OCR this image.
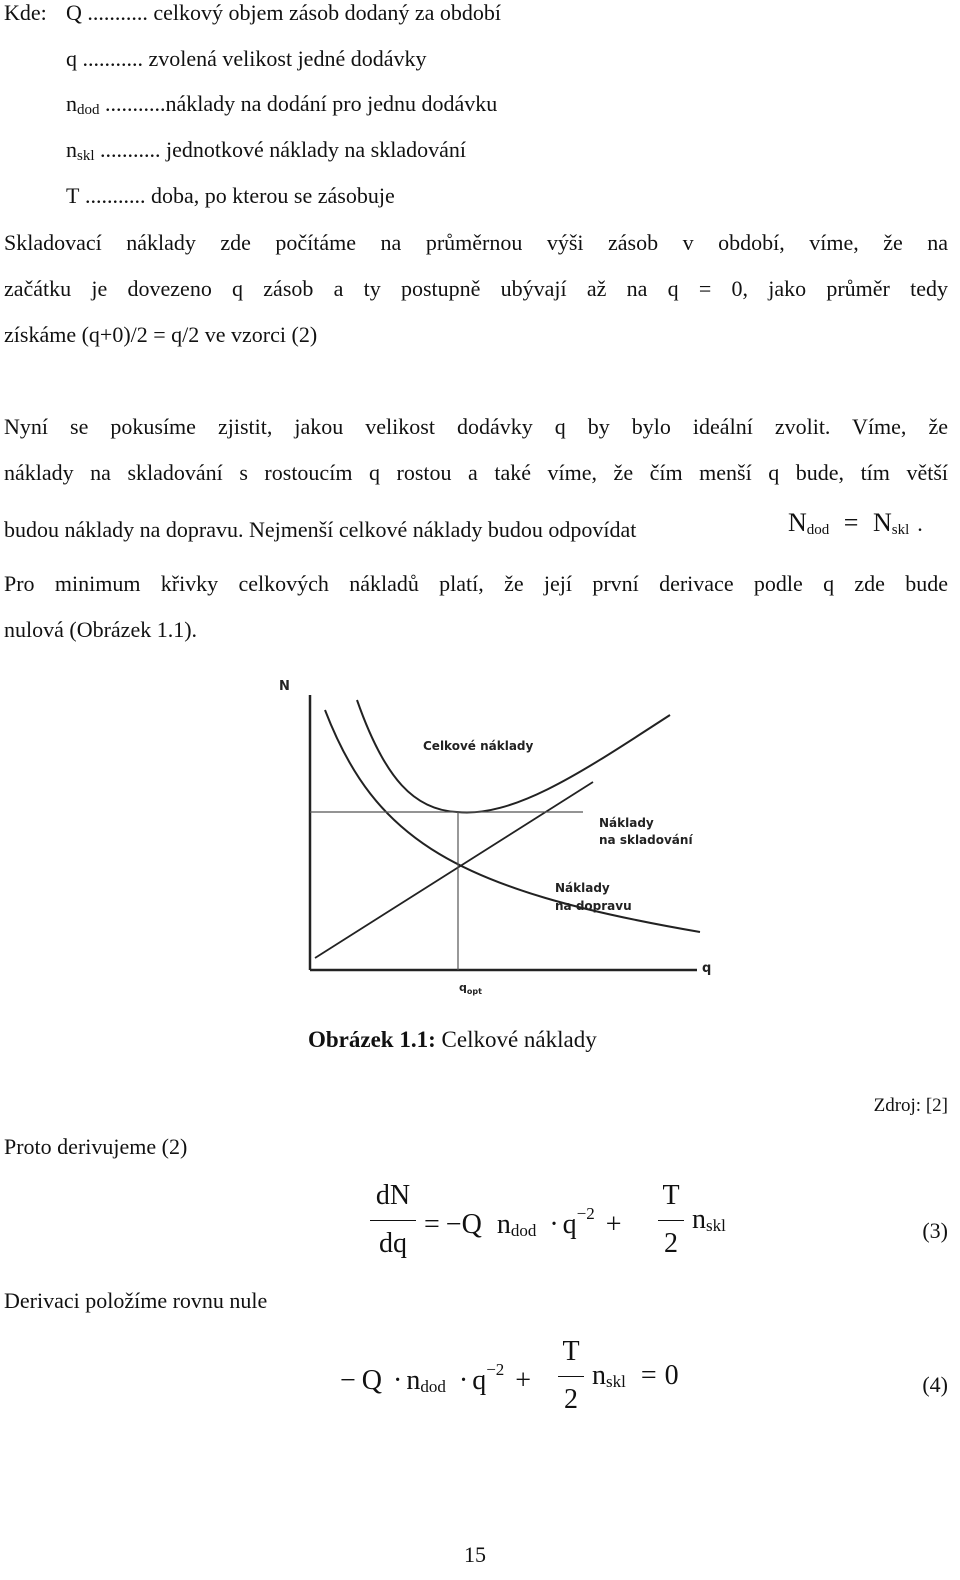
Kde: Q ........... celkový objem zásob dodaný za období
q ........... zvolená velikost jedné dodávky
$n_{dod}$ ...........náklady na dodání pro jednu dodávku
$n_{skl}$ ........... jednotkové náklady na skladování
T ........... doba, po kterou se zásobuje
Skladovací náklady zde počítáme na průměrnou výši zásob v období, víme, že na
začátku je dovezeno q zásob a ty postupně ubývají až na q = 0, jako průměr tedy
získáme (q+0)/2 = q/2 ve vzorci (2)
Nyní se pokusíme zjistit, jakou velikost dodávky q by bylo ideální zvolit. Víme, že
náklady na skladování s rostoucím q rostou a také víme, že čím menší q bude, tím větší
budou náklady na dopravu. Nejmenší celkové náklady budou odpovídat	$N_{dod} = N_{skl}$ .
Pro minimum křivky celkových nákladů platí, že její první derivace podle q zde bude
nulová (Obrázek 1.1).
N
q
Celkové náklady
Náklady
na skladování
Náklady
na dopravu
$q_{opt}$
Obrázek 1.1: Celkové náklady
Zdroj: [2]
Proto derivujeme (2)
dN
dq
= −Q ndod · $q^{-2}$ +
T
2
nskl	(3)
Derivaci položíme rovnu nule
− Q · ndod · $q^{-2}$ +
T
2
nskl = 0	(4)
15
